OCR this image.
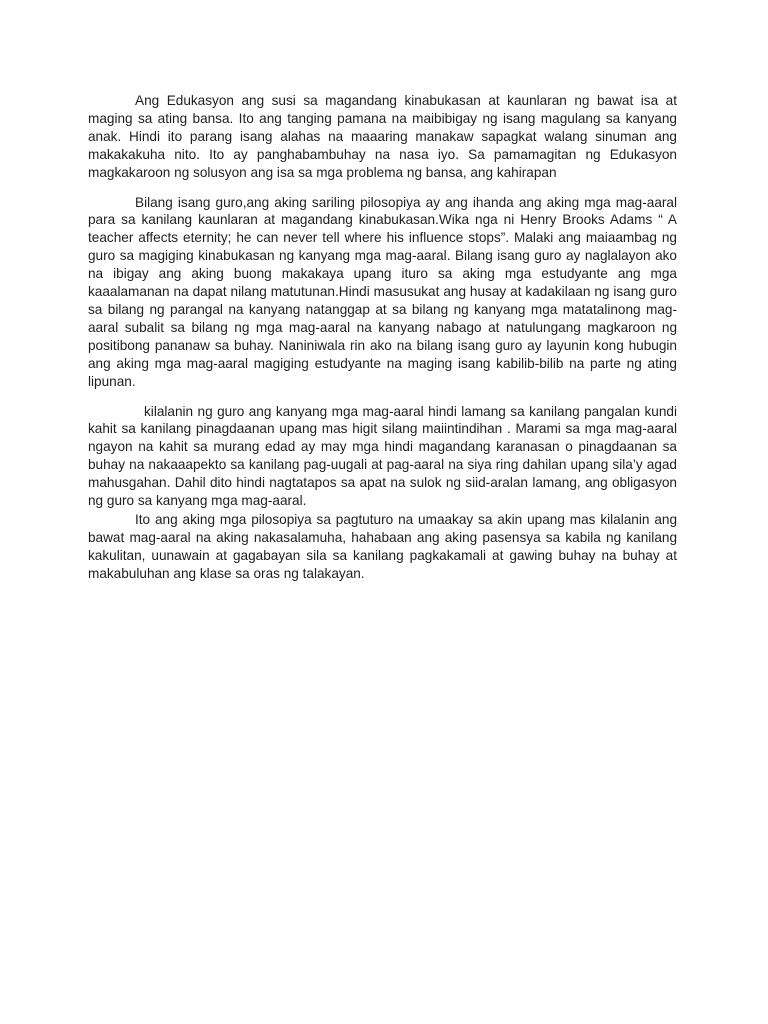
Ang Edukasyon ang susi sa magandang kinabukasan at kaunlaran ng bawat isa at maging sa ating bansa. Ito ang tanging pamana na maibibigay ng isang magulang sa kanyang anak. Hindi ito parang isang alahas na maaaring manakaw sapagkat walang sinuman ang makakakuha nito. Ito ay panghabambuhay na nasa iyo. Sa pamamagitan ng Edukasyon magkakaroon ng solusyon ang isa sa mga problema ng bansa, ang kahirapan

Bilang isang guro,ang aking sariling pilosopiya ay ang ihanda ang aking mga mag-aaral para sa kanilang kaunlaran at magandang kinabukasan.Wika nga ni Henry Brooks Adams “ A teacher affects eternity; he can never tell where his influence stops”. Malaki ang maiaambag ng guro sa magiging kinabukasan ng kanyang mga mag-aaral. Bilang isang guro ay naglalayon ako na ibigay ang aking buong makakaya upang ituro sa aking mga estudyante ang mga kaaalamanan na dapat nilang matutunan.Hindi masusukat ang husay at kadakilaan ng isang guro sa bilang ng parangal na kanyang natanggap at sa bilang ng kanyang mga matatalinong mag-aaral subalit sa bilang ng mga mag-aaral na kanyang nabago at natulungang magkaroon ng positibong pananaw sa buhay. Naniniwala rin ako na bilang isang guro ay layunin kong hubugin ang aking mga mag-aaral magiging estudyante na maging isang kabilib-bilib na parte ng ating lipunan.

kilalanin ng guro ang kanyang mga mag-aaral hindi lamang sa kanilang pangalan kundi kahit sa kanilang pinagdaanan upang mas higit silang maiintindihan . Marami sa mga mag-aaral ngayon na kahit sa murang edad ay may mga hindi magandang karanasan o pinagdaanan sa buhay na nakaaapekto sa kanilang pag-uugali at pag-aaral na siya ring dahilan upang sila’y agad mahusgahan. Dahil dito hindi nagtatapos sa apat na sulok ng siid-aralan lamang, ang obligasyon ng guro sa kanyang mga mag-aaral.

Ito ang aking mga pilosopiya sa pagtuturo na umaakay sa akin upang mas kilalanin ang bawat mag-aaral na aking nakasalamuha, hahabaan ang aking pasensya sa kabila ng kanilang kakulitan, uunawain at gagabayan sila sa kanilang pagkakamali at gawing buhay na buhay at makabuluhan ang klase sa oras ng talakayan.
